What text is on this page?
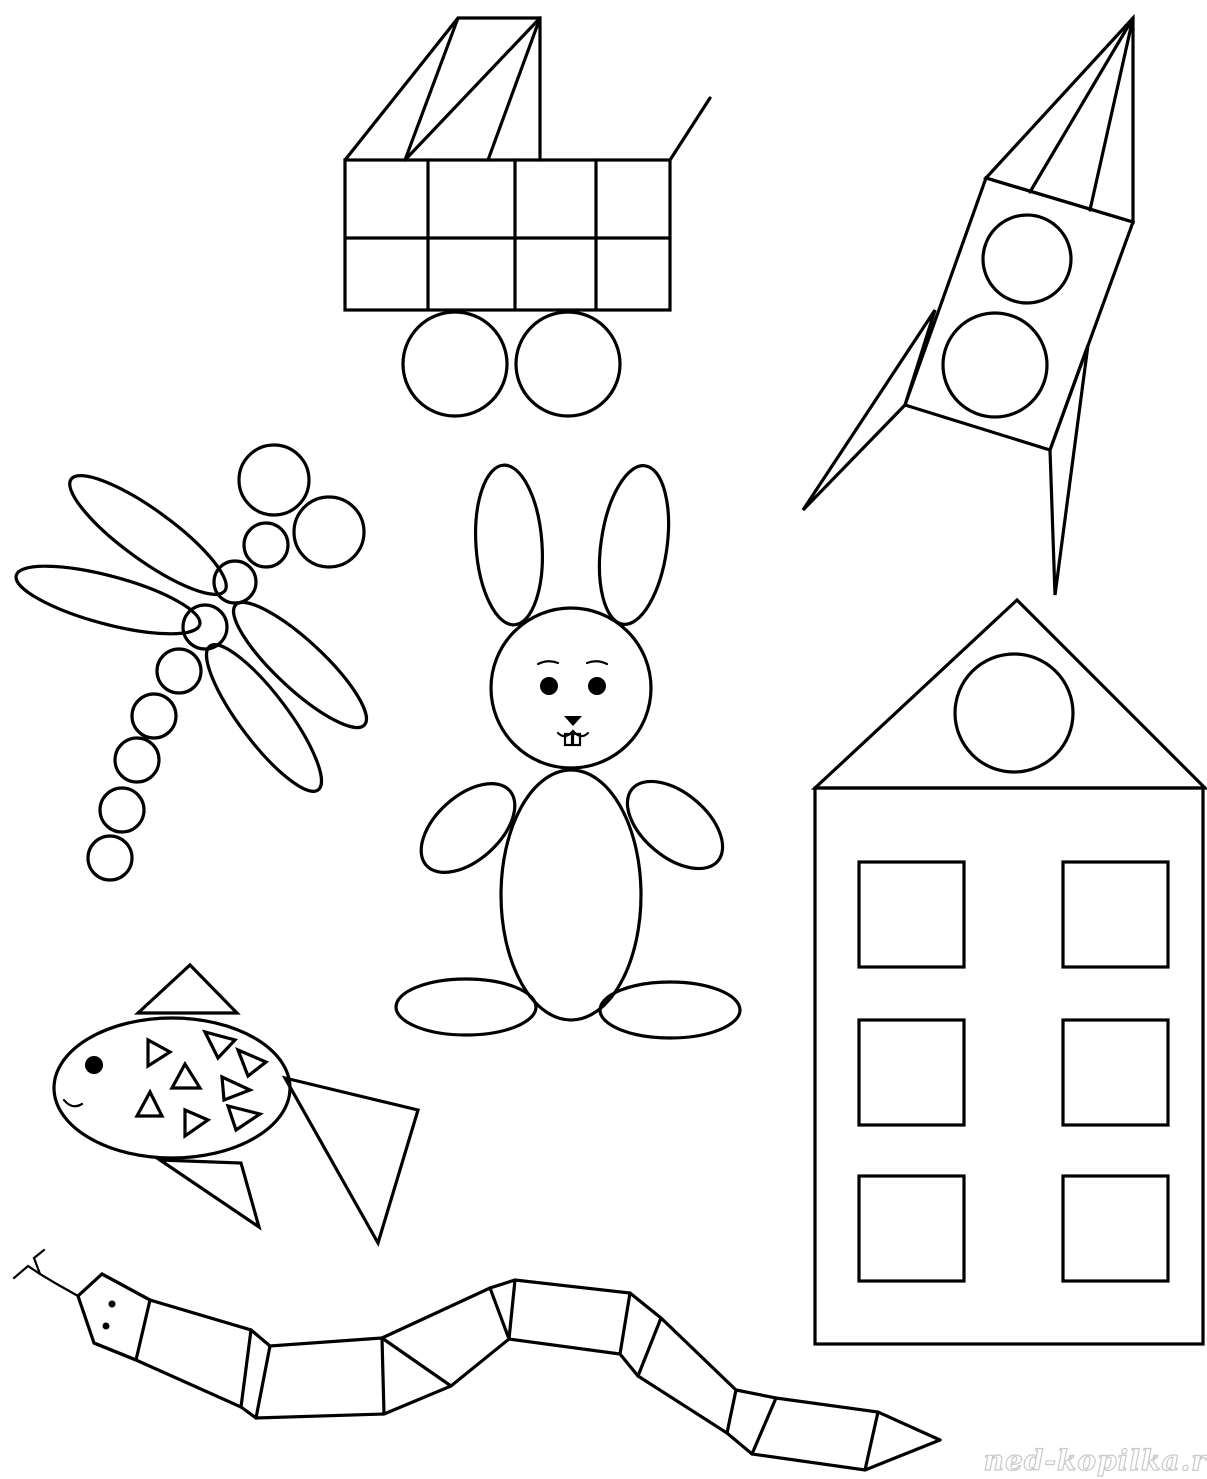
ned-kopilka.r
